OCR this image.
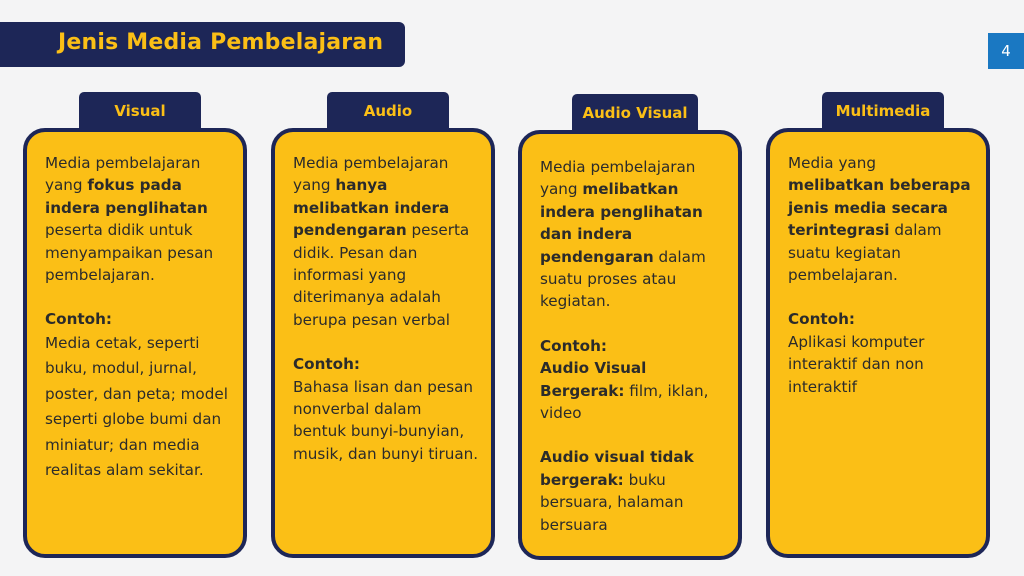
Jenis Media Pembelajaran	4
Visual

Media pembelajaran yang fokus pada indera penglihatan peserta didik untuk menyampaikan pesan pembelajaran.

Contoh:

Media cetak, seperti buku, modul, jurnal, poster, dan peta; model seperti globe bumi dan miniatur; dan media realitas alam sekitar.

Audio

Media pembelajaran yang hanya melibatkan indera pendengaran peserta didik. Pesan dan informasi yang diterimanya adalah berupa pesan verbal

Contoh:

Bahasa lisan dan pesan nonverbal dalam bentuk bunyi-bunyian, musik, dan bunyi tiruan.

Audio Visual

Media pembelajaran yang melibatkan indera penglihatan dan indera pendengaran dalam suatu proses atau kegiatan.

Contoh:

Audio Visual Bergerak: film, iklan, video

Audio visual tidak bergerak: buku bersuara, halaman bersuara

Multimedia

Media yang melibatkan beberapa jenis media secara terintegrasi dalam suatu kegiatan pembelajaran.

Contoh:

Aplikasi komputer interaktif dan non interaktif
